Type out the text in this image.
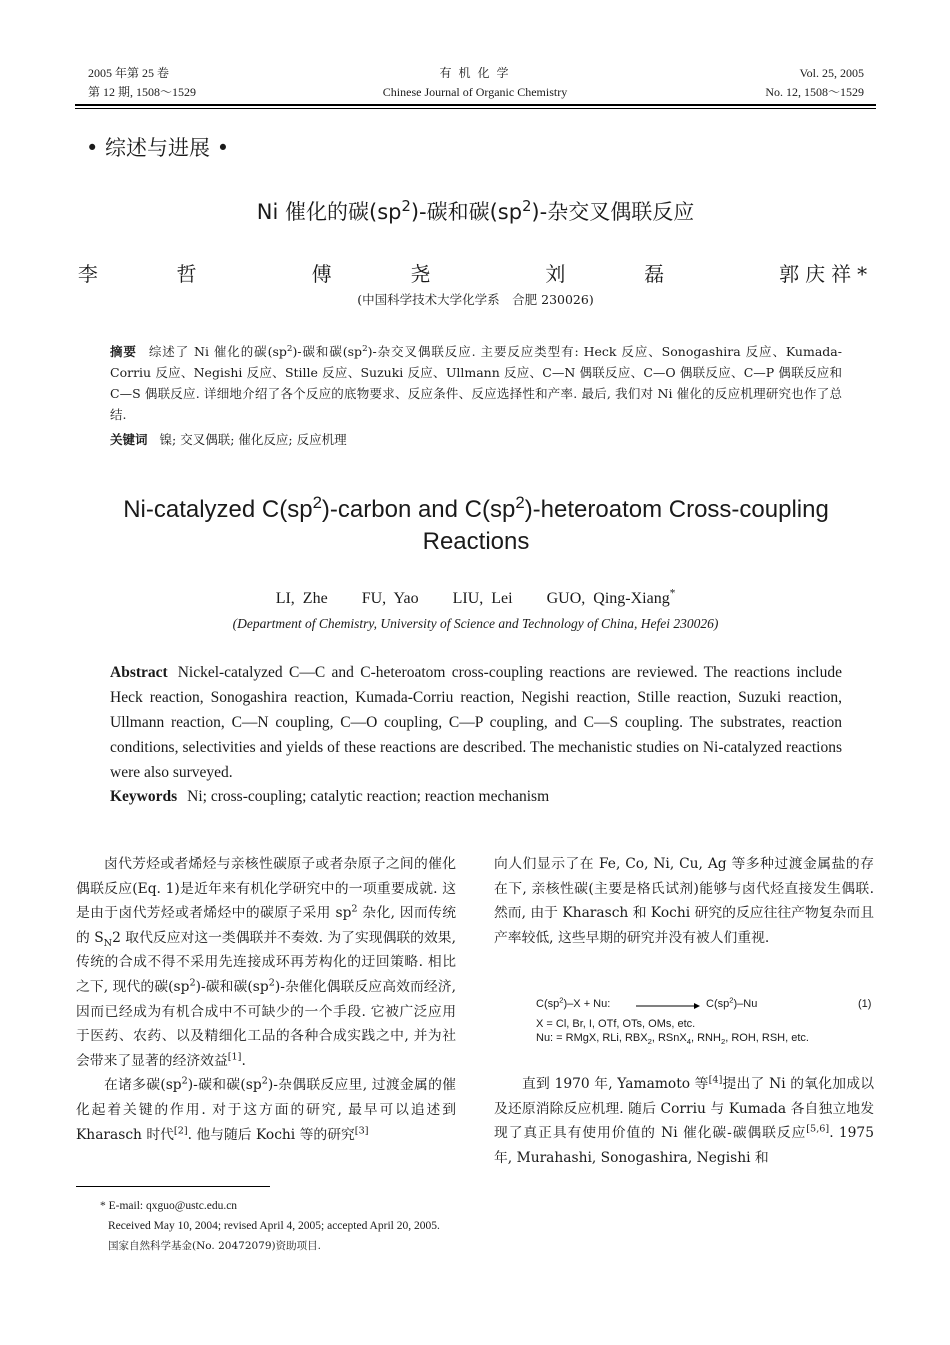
2005 年第 25 卷
第 12 期, 1508～1529
有 机 化 学
Chinese Journal of Organic Chemistry
Vol. 25, 2005
No. 12, 1508～1529
• 综述与进展 •
Ni 催化的碳$(sp^2)-$碳和碳$(sp^2)-$杂交叉偶联反应
李  哲   傅  尧   刘  磊   郭庆祥*
(中国科学技术大学化学系　合肥 230026)
摘要 综述了 Ni 催化的碳$(sp^2)-$碳和碳$(sp^2)-$杂交叉偶联反应. 主要反应类型有: Heck 反应、Sonogashira 反应、Kumada-Corriu 反应、Negishi 反应、Stille 反应、Suzuki 反应、Ullmann 反应、C—N 偶联反应、C—O 偶联反应、C—P 偶联反应和 C—S 偶联反应. 详细地介绍了各个反应的底物要求、反应条件、反应选择性和产率. 最后, 我们对 Ni 催化的反应机理研究也作了总结.
关键词 镍; 交叉偶联; 催化反应; 反应机理
Ni-catalyzed $C(sp^2)$-carbon and $C(sp^2)$-heteroatom Cross-coupling Reactions
LI, Zhe FU, Yao LIU, Lei GUO, Qing-Xiang*
(Department of Chemistry, University of Science and Technology of China, Hefei 230026)
Abstract Nickel-catalyzed C—C and C-heteroatom cross-coupling reactions are reviewed. The reactions include Heck reaction, Sonogashira reaction, Kumada-Corriu reaction, Negishi reaction, Stille reaction, Suzuki reaction, Ullmann reaction, C—N coupling, C—O coupling, C—P coupling, and C—S coupling. The substrates, reaction conditions, selectivities and yields of these reactions are described. The mechanistic studies on Ni-catalyzed reactions were also surveyed.
Keywords Ni; cross-coupling; catalytic reaction; reaction mechanism

卤代芳烃或者烯烃与亲核性碳原子或者杂原子之间的催化偶联反应(Eq. 1)是近年来有机化学研究中的一项重要成就. 这是由于卤代芳烃或者烯烃中的碳原子采用 $sp^2$ 杂化, 因而传统的 $S_N2$ 取代反应对这一类偶联并不奏效. 为了实现偶联的效果, 传统的合成不得不采用先连接成环再芳构化的迂回策略. 相比之下, 现代的碳$(sp^2)-$碳和碳$(sp^2)-$杂催化偶联反应高效而经济, 因而已经成为有机合成中不可缺少的一个手段. 它被广泛应用于医药、农药、以及精细化工品的各种合成实践之中, 并为社会带来了显著的经济效益[1].

在诸多碳$(sp^2)-$碳和碳$(sp^2)-$杂偶联反应里, 过渡金属的催化起着关键的作用. 对于这方面的研究, 最早可以追述到 Kharasch 时代[2]. 他与随后 Kochi 等的研究[3]

* E-mail: qxguo@ustc.edu.cn
Received May 10, 2004; revised April 4, 2005; accepted April 20, 2005.
国家自然科学基金(No. 20472079)资助项目.

向人们显示了在 Fe, Co, Ni, Cu, Ag 等多种过渡金属盐的存在下, 亲核性碳(主要是格氏试剂)能够与卤代烃直接发生偶联. 然而, 由于 Kharasch 和 Kochi 研究的反应往往产物复杂而且产率较低, 这些早期的研究并没有被人们重视.

$C(sp^2)-X + Nu$:	$C(sp^2)-Nu$	(1)
X = Cl, Br, I, OTf, OTs, OMs, etc.
Nu: = RMgX, RLi, $RBX_2$, RSnX$_4$, $RNH_2$, ROH, RSH, etc.

直到 1970 年, Yamamoto 等[4]提出了 Ni 的氧化加成以及还原消除反应机理. 随后 Corriu 与 Kumada 各自独立地发现了真正具有使用价值的 Ni 催化碳-碳偶联反应[5,6]. 1975 年, Murahashi, Sonogashira, Negishi 和
